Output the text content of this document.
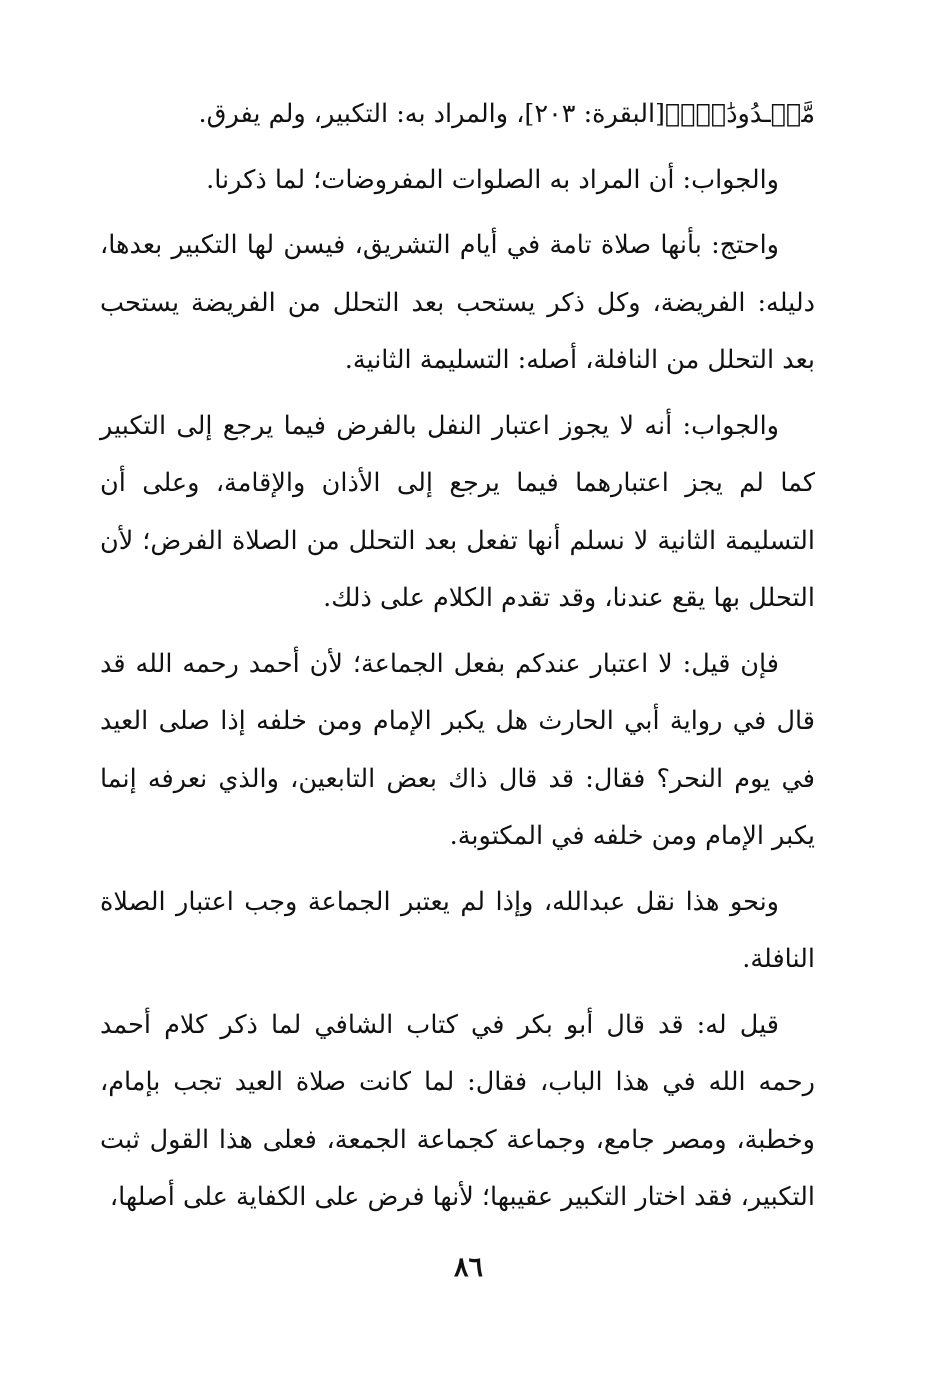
مَّعۡـدُودَٰتٖۚ﴾[البقرة: ٢٠٣]، والمراد به: التكبير، ولم يفرق.

والجواب: أن المراد به الصلوات المفروضات؛ لما ذكرنا.

واحتج: بأنها صلاة تامة في أيام التشريق، فيسن لها التكبير بعدها، دليله: الفريضة، وكل ذكر يستحب بعد التحلل من الفريضة يستحب بعد التحلل من النافلة، أصله: التسليمة الثانية.

والجواب: أنه لا يجوز اعتبار النفل بالفرض فيما يرجع إلى التكبير كما لم يجز اعتبارهما فيما يرجع إلى الأذان والإقامة، وعلى أن التسليمة الثانية لا نسلم أنها تفعل بعد التحلل من الصلاة الفرض؛ لأن التحلل بها يقع عندنا، وقد تقدم الكلام على ذلك.

فإن قيل: لا اعتبار عندكم بفعل الجماعة؛ لأن أحمد رحمه الله قد قال في رواية أبي الحارث هل يكبر الإمام ومن خلفه إذا صلى العيد في يوم النحر؟ فقال: قد قال ذاك بعض التابعين، والذي نعرفه إنما يكبر الإمام ومن خلفه في المكتوبة.

ونحو هذا نقل عبدالله، وإذا لم يعتبر الجماعة وجب اعتبار الصلاة النافلة.

قيل له: قد قال أبو بكر في كتاب الشافي لما ذكر كلام أحمد رحمه الله في هذا الباب، فقال: لما كانت صلاة العيد تجب بإمام، وخطبة، ومصر جامع، وجماعة كجماعة الجمعة، فعلى هذا القول ثبت التكبير، فقد اختار التكبير عقيبها؛ لأنها فرض على الكفاية على أصلها،

٨٦
